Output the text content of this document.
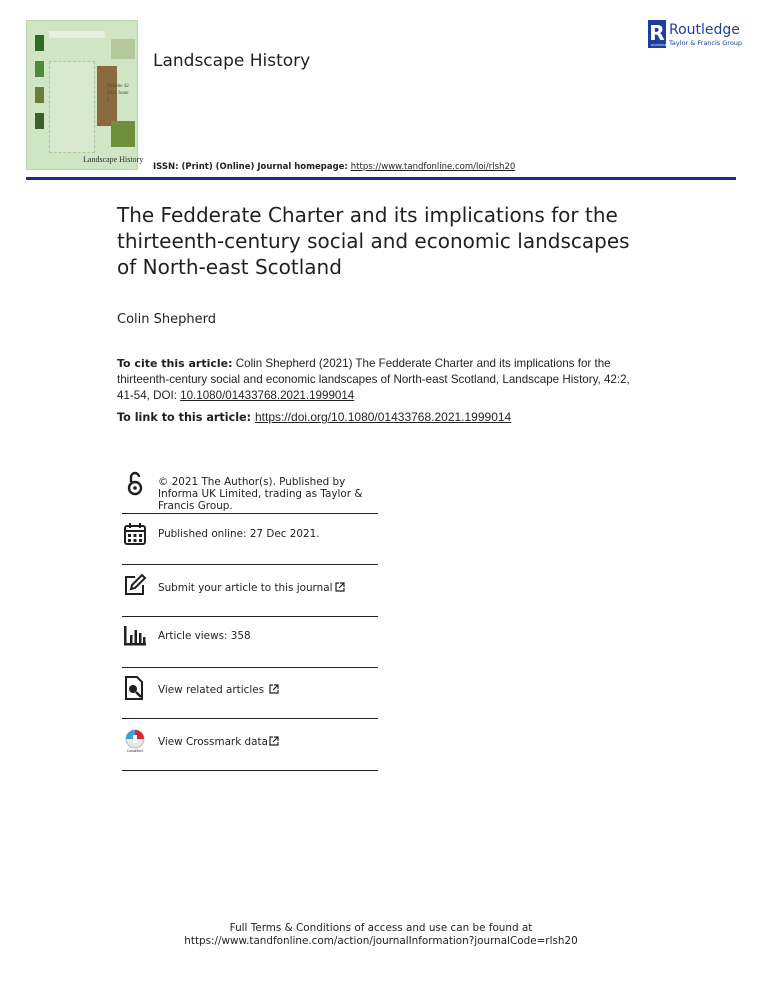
Volume 42 2021 Issue 2
Landscape History
Landscape History
ISSN: (Print) (Online) Journal homepage: https://www.tandfonline.com/loi/rlsh20
R
ROUTLEDGE
Routledge
Taylor & Francis Group
The Fedderate Charter and its implications for the thirteenth-century social and economic landscapes of North-east Scotland
Colin Shepherd
To cite this article: Colin Shepherd (2021) The Fedderate Charter and its implications for the thirteenth-century social and economic landscapes of North-east Scotland, Landscape History, 42:2, 41-54, DOI: 10.1080/01433768.2021.1999014
To link to this article: https://doi.org/10.1080/01433768.2021.1999014
© 2021 The Author(s). Published by Informa UK Limited, trading as Taylor & Francis Group.
Published online: 27 Dec 2021.
Submit your article to this journal
Article views: 358
View related articles
CrossMark
View Crossmark data
Full Terms & Conditions of access and use can be found at
https://www.tandfonline.com/action/journalInformation?journalCode=rlsh20
